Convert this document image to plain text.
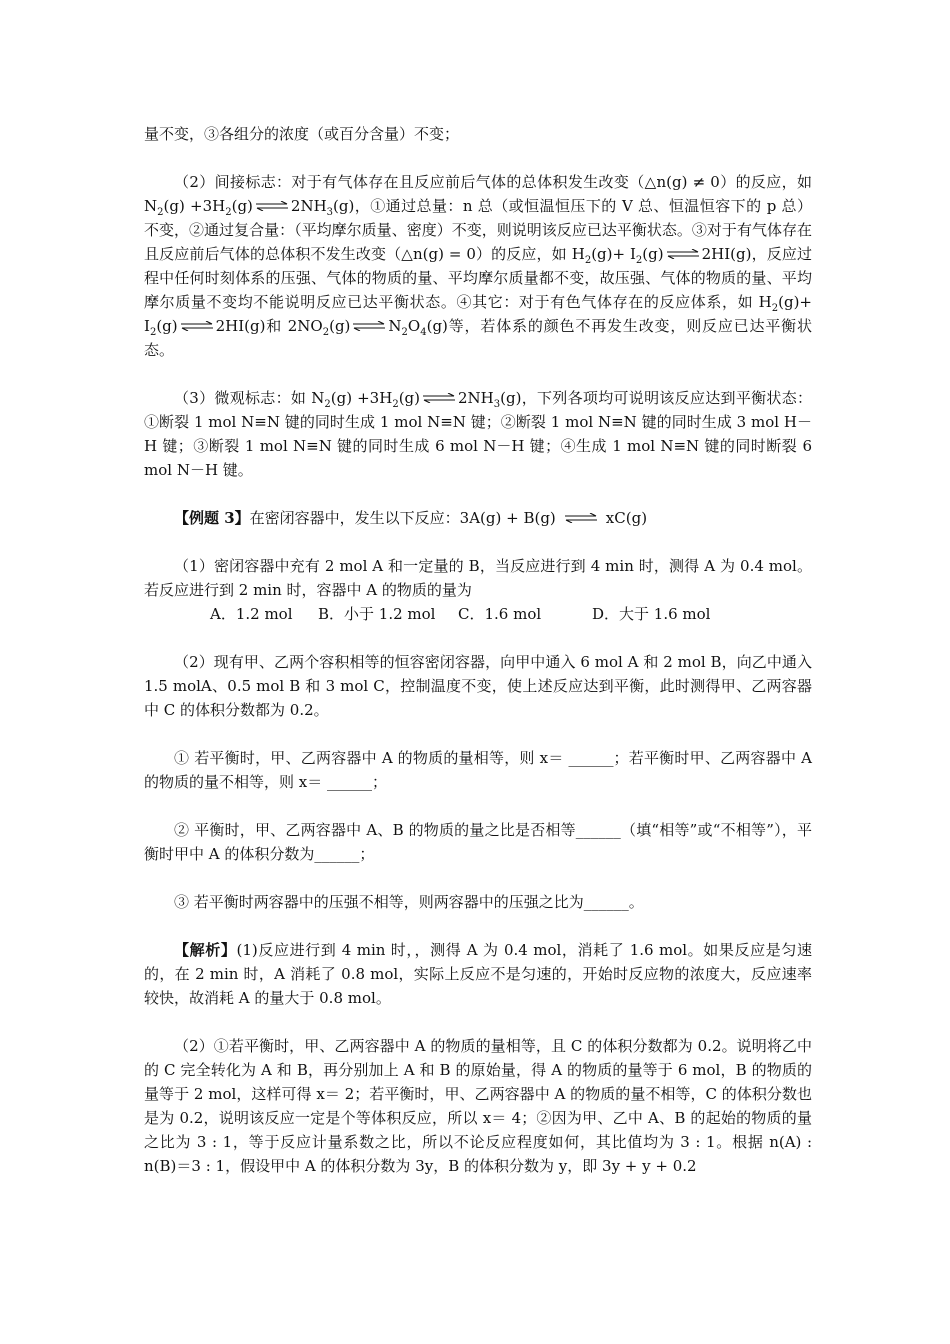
量不变，③各组分的浓度（或百分含量）不变；

（2）间接标志：对于有气体存在且反应前后气体的总体积发生改变（△n(g) ≠ 0）的反应，如 $N_2(g) +3H_2(g)$	$2NH_3(g)$，①通过总量：n 总（或恒温恒压下的 V 总、恒温恒容下的 p 总）不变，②通过复合量：（平均摩尔质量、密度）不变，则说明该反应已达平衡状态。③对于有气体存在且反应前后气体的总体积不发生改变（△n(g) = 0）的反应，如 $H_2(g)+ I_2(g)$	2HI(g)，反应过程中任何时刻体系的压强、气体的物质的量、平均摩尔质量都不变，故压强、气体的物质的量、平均摩尔质量不变均不能说明反应已达平衡状态。④其它：对于有色气体存在的反应体系，如 $H_2(g)+ I_2(g)$	2HI(g)和 $2NO_2(g)$	$N_2O_4(g)$等，若体系的颜色不再发生改变，则反应已达平衡状态。

（3）微观标志：如 $N_2(g) +3H_2(g)$	$2NH_3(g)$，下列各项均可说明该反应达到平衡状态：①断裂 1 mol N≡N 键的同时生成 1 mol N≡N 键；②断裂 1 mol N≡N 键的同时生成 3 mol H－H 键；③断裂 1 mol N≡N 键的同时生成 6 mol N－H 键；④生成 1 mol N≡N 键的同时断裂 6 mol N－H 键。

【例题 3】在密闭容器中，发生以下反应：3A(g) + B(g)	xC(g)

（1）密闭容器中充有 2 mol A 和一定量的 B，当反应进行到 4 min 时，测得 A 为 0.4 mol。若反应进行到 2 min 时，容器中 A 的物质的量为

A．1.2 mol B．小于 1.2 mol C．1.6 mol	D．大于 1.6 mol

（2）现有甲、乙两个容积相等的恒容密闭容器，向甲中通入 6 mol A 和 2 mol B，向乙中通入 1.5 molA、0.5 mol B 和 3 mol C，控制温度不变，使上述反应达到平衡，此时测得甲、乙两容器中 C 的体积分数都为 0.2。

① 若平衡时，甲、乙两容器中 A 的物质的量相等，则 x＝ ______；若平衡时甲、乙两容器中 A 的物质的量不相等，则 x＝ ______；

② 平衡时，甲、乙两容器中 A、B 的物质的量之比是否相等______（填“相等”或“不相等”），平衡时甲中 A 的体积分数为______；

③ 若平衡时两容器中的压强不相等，则两容器中的压强之比为______。

【解析】(1)反应进行到 4 min 时，，测得 A 为 0.4 mol，消耗了 1.6 mol。如果反应是匀速的，在 2 min 时，A 消耗了 0.8 mol，实际上反应不是匀速的，开始时反应物的浓度大，反应速率较快，故消耗 A 的量大于 0.8 mol。

（2）①若平衡时，甲、乙两容器中 A 的物质的量相等，且 C 的体积分数都为 0.2。说明将乙中的 C 完全转化为 A 和 B，再分别加上 A 和 B 的原始量，得 A 的物质的量等于 6 mol，B 的物质的量等于 2 mol，这样可得 x＝ 2；若平衡时，甲、乙两容器中 A 的物质的量不相等，C 的体积分数也是为 0.2，说明该反应一定是个等体积反应，所以 x＝ 4；②因为甲、乙中 A、B 的起始的物质的量之比为 3 : 1，等于反应计量系数之比，所以不论反应程度如何，其比值均为 3 : 1。根据 n(A) : n(B)＝3 : 1，假设甲中 A 的体积分数为 3y，B 的体积分数为 y，即 3y + y + 0.2
